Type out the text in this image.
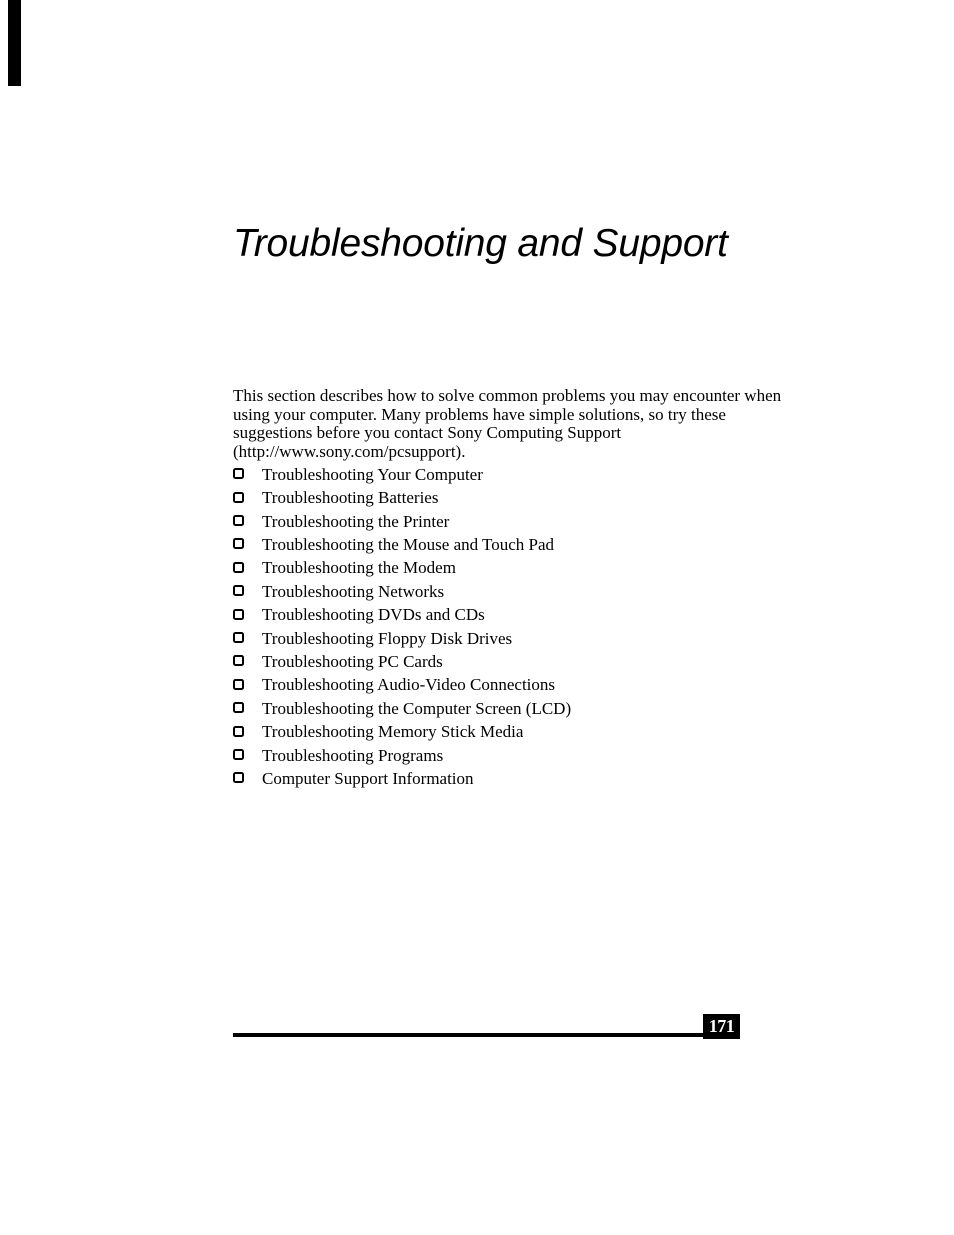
Troubleshooting and Support
This section describes how to solve common problems you may encounter when
using your computer. Many problems have simple solutions, so try these
suggestions before you contact Sony Computing Support
(http://www.sony.com/pcsupport).
Troubleshooting Your Computer
Troubleshooting Batteries
Troubleshooting the Printer
Troubleshooting the Mouse and Touch Pad
Troubleshooting the Modem
Troubleshooting Networks
Troubleshooting DVDs and CDs
Troubleshooting Floppy Disk Drives
Troubleshooting PC Cards
Troubleshooting Audio-Video Connections
Troubleshooting the Computer Screen (LCD)
Troubleshooting Memory Stick Media
Troubleshooting Programs
Computer Support Information
171
